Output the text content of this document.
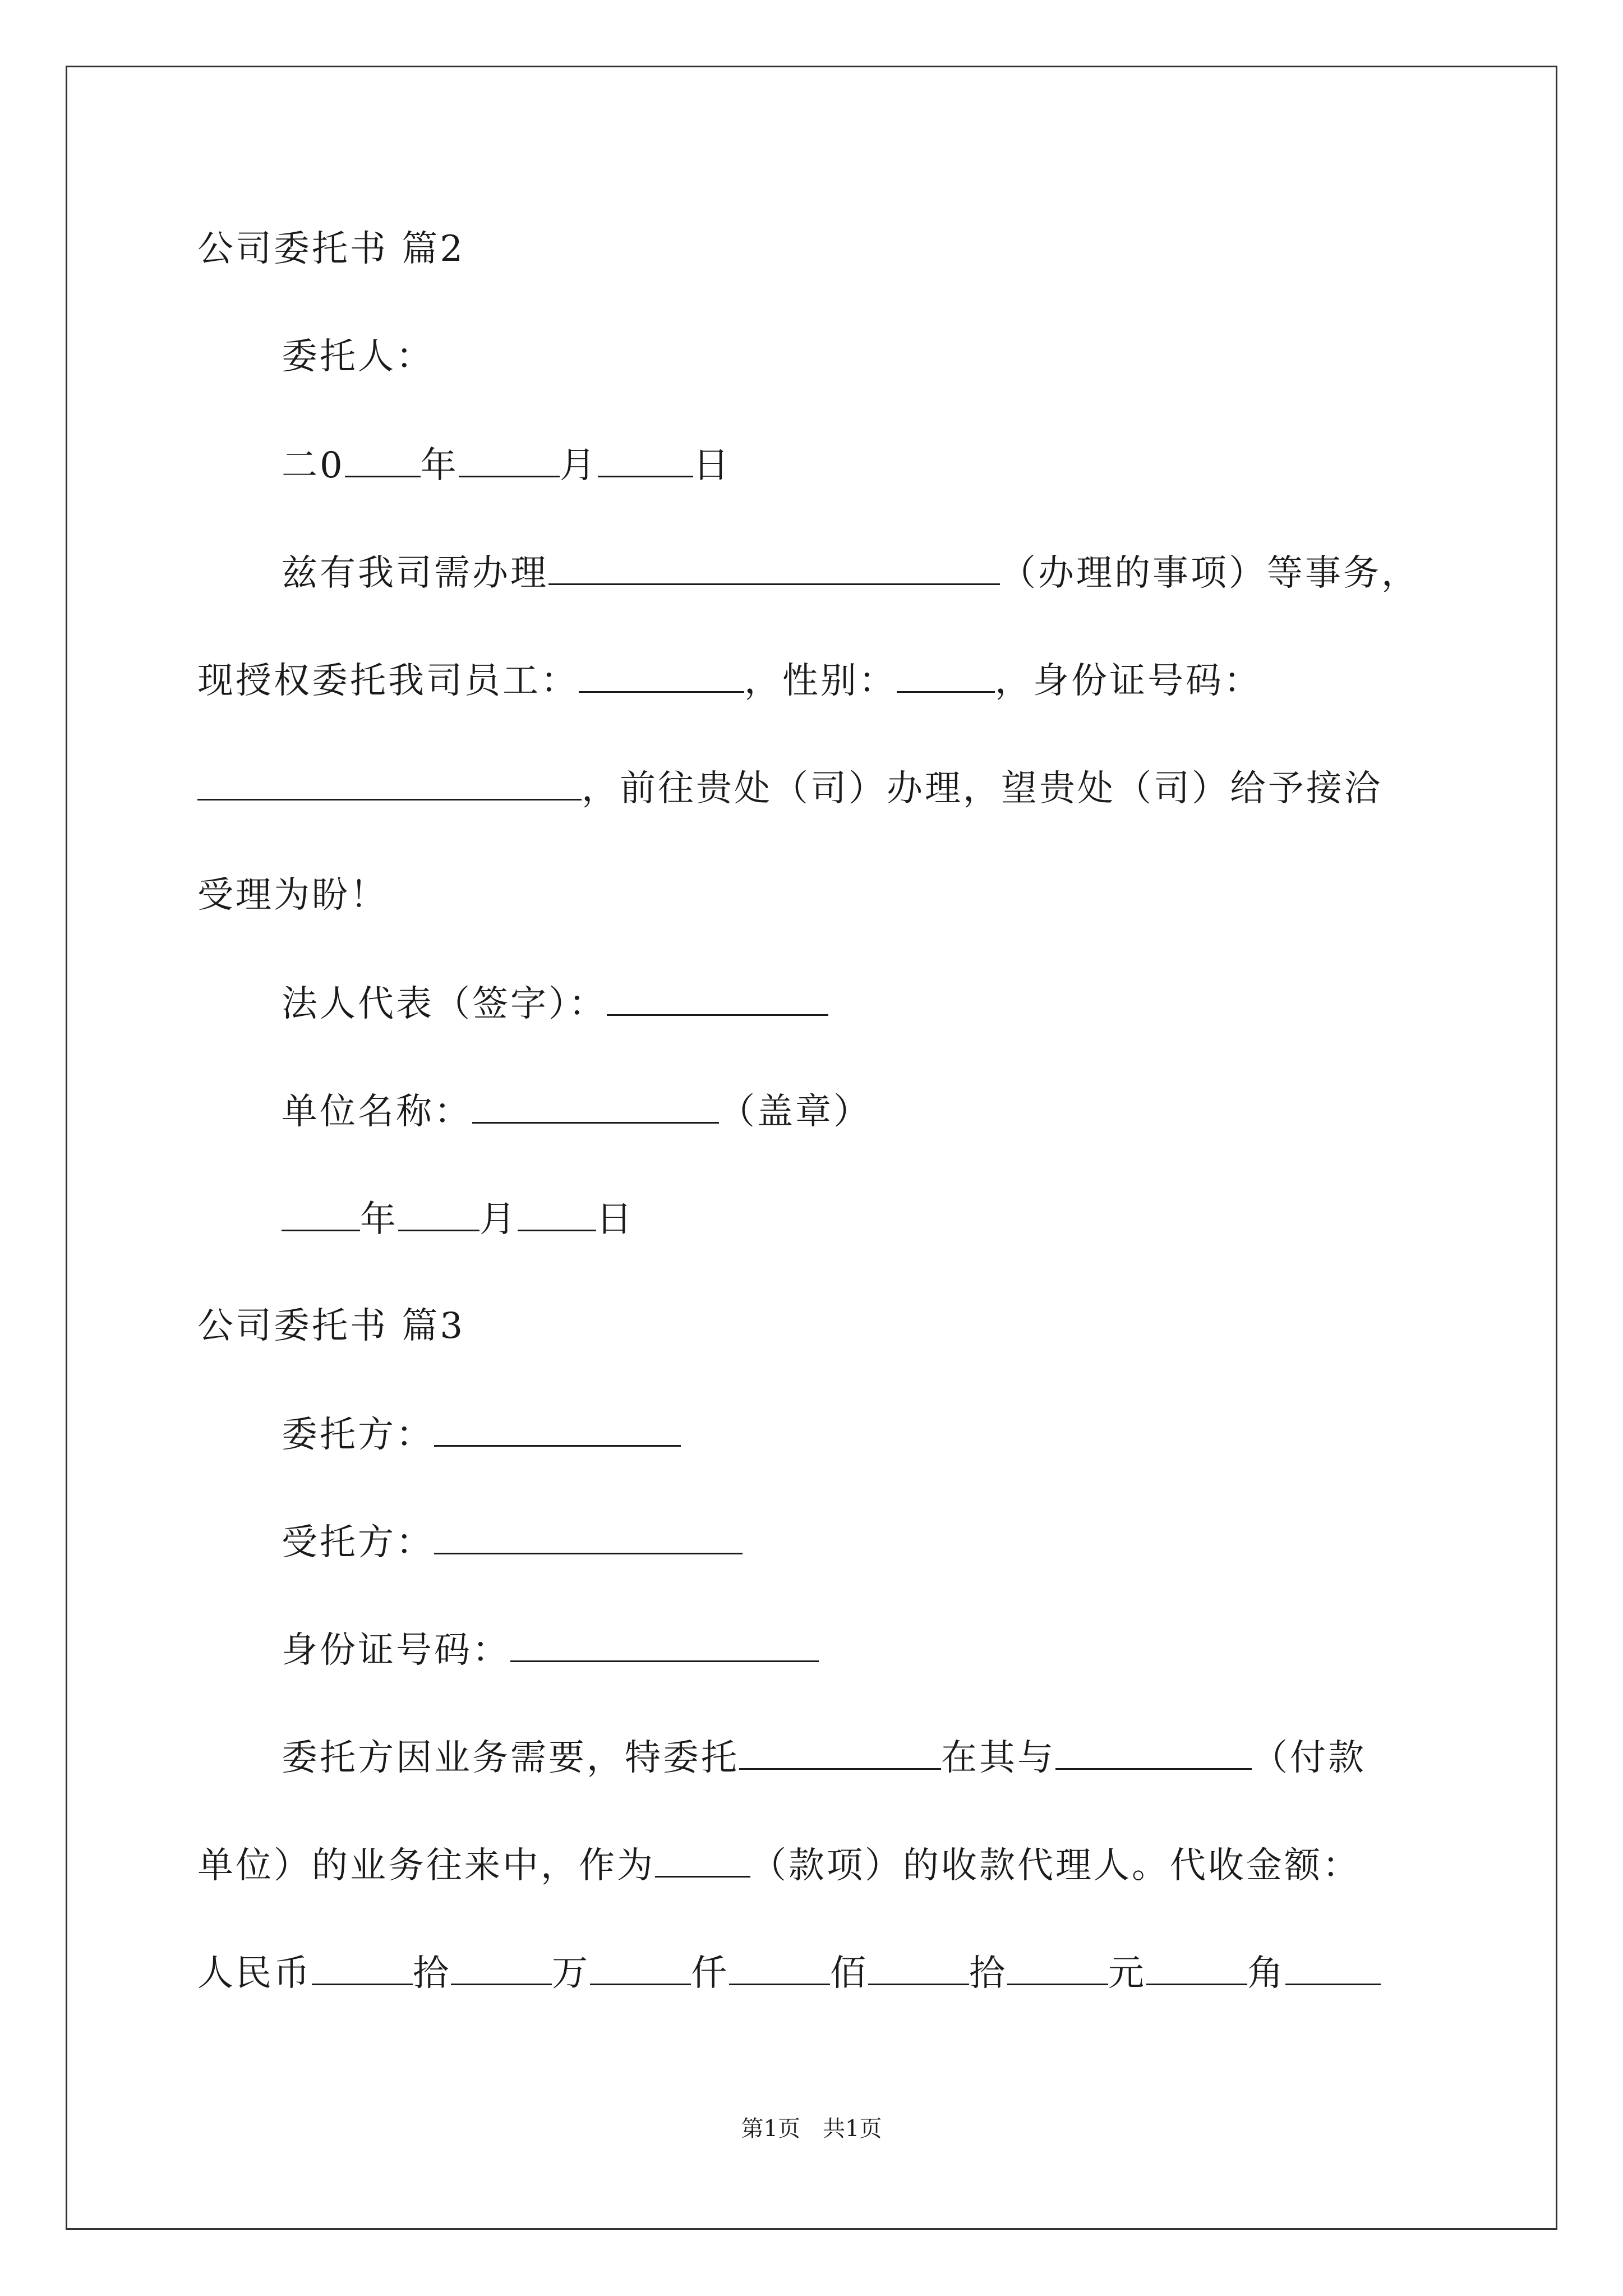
公司委托书 篇2
委托人：
二0 年	月	日
兹有我司需办理	（办理的事项）等事务，
现授权委托我司员工：	，性别：	，身份证号码：
，前往贵处（司）办理，望贵处（司）给予接洽
受理为盼！
法人代表（签字）：
单位名称：	（盖章）
年 月 日
公司委托书 篇3
委托方：
受托方：
身份证号码：
委托方因业务需要，特委托	在其与	（付款
单位）的业务往来中，作为	（款项）的收款代理人。代收金额：
人民币	拾	万	仟	佰	拾	元	角
第1页　共1页
